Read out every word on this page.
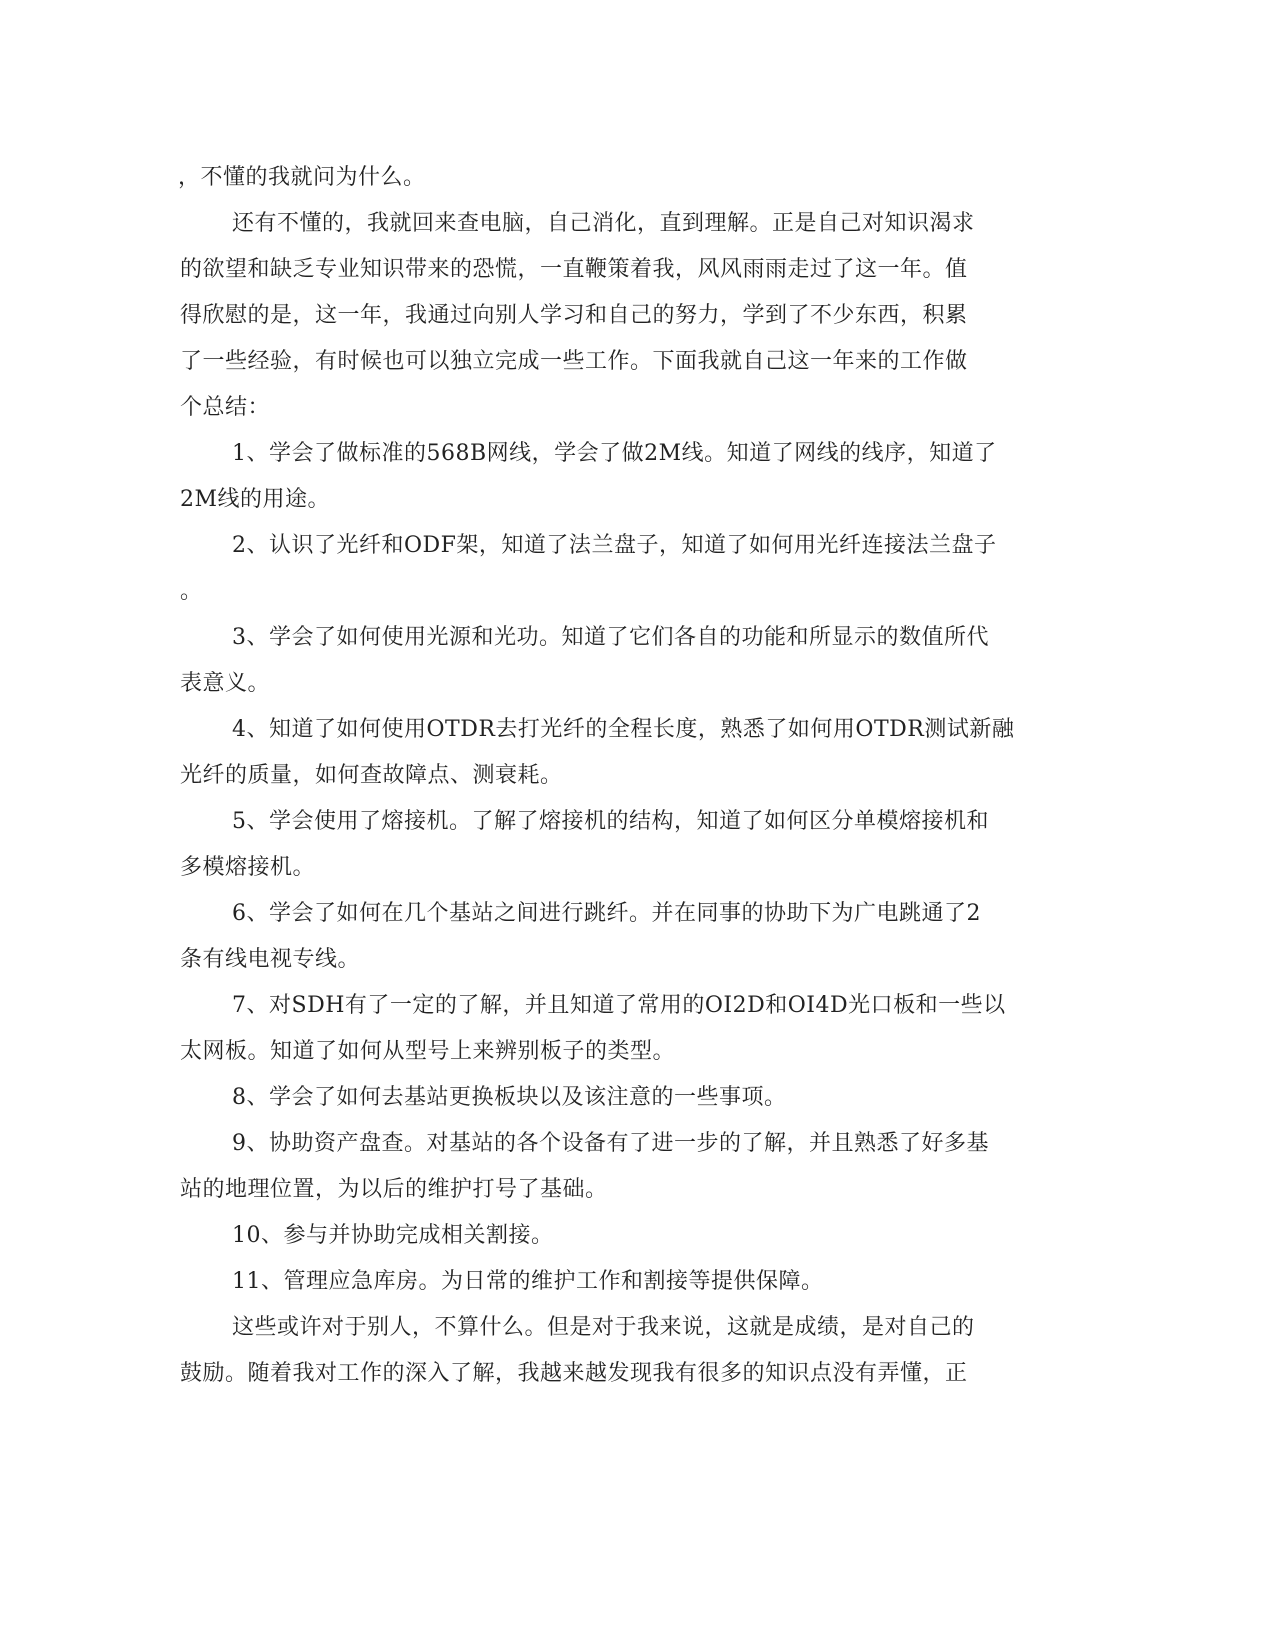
，不懂的我就问为什么。
还有不懂的，我就回来查电脑，自己消化，直到理解。正是自己对知识渴求
的欲望和缺乏专业知识带来的恐慌，一直鞭策着我，风风雨雨走过了这一年。值
得欣慰的是，这一年，我通过向别人学习和自己的努力，学到了不少东西，积累
了一些经验，有时候也可以独立完成一些工作。下面我就自己这一年来的工作做
个总结：
1、学会了做标准的568B网线，学会了做2M线。知道了网线的线序，知道了
2M线的用途。
2、认识了光纤和ODF架，知道了法兰盘子，知道了如何用光纤连接法兰盘子
。
3、学会了如何使用光源和光功。知道了它们各自的功能和所显示的数值所代
表意义。
4、知道了如何使用OTDR去打光纤的全程长度，熟悉了如何用OTDR测试新融
光纤的质量，如何查故障点、测衰耗。
5、学会使用了熔接机。了解了熔接机的结构，知道了如何区分单模熔接机和
多模熔接机。
6、学会了如何在几个基站之间进行跳纤。并在同事的协助下为广电跳通了2
条有线电视专线。
7、对SDH有了一定的了解，并且知道了常用的OI2D和OI4D光口板和一些以
太网板。知道了如何从型号上来辨别板子的类型。
8、学会了如何去基站更换板块以及该注意的一些事项。
9、协助资产盘查。对基站的各个设备有了进一步的了解，并且熟悉了好多基
站的地理位置，为以后的维护打号了基础。
10、参与并协助完成相关割接。
11、管理应急库房。为日常的维护工作和割接等提供保障。
这些或许对于别人，不算什么。但是对于我来说，这就是成绩，是对自己的
鼓励。随着我对工作的深入了解，我越来越发现我有很多的知识点没有弄懂，正
